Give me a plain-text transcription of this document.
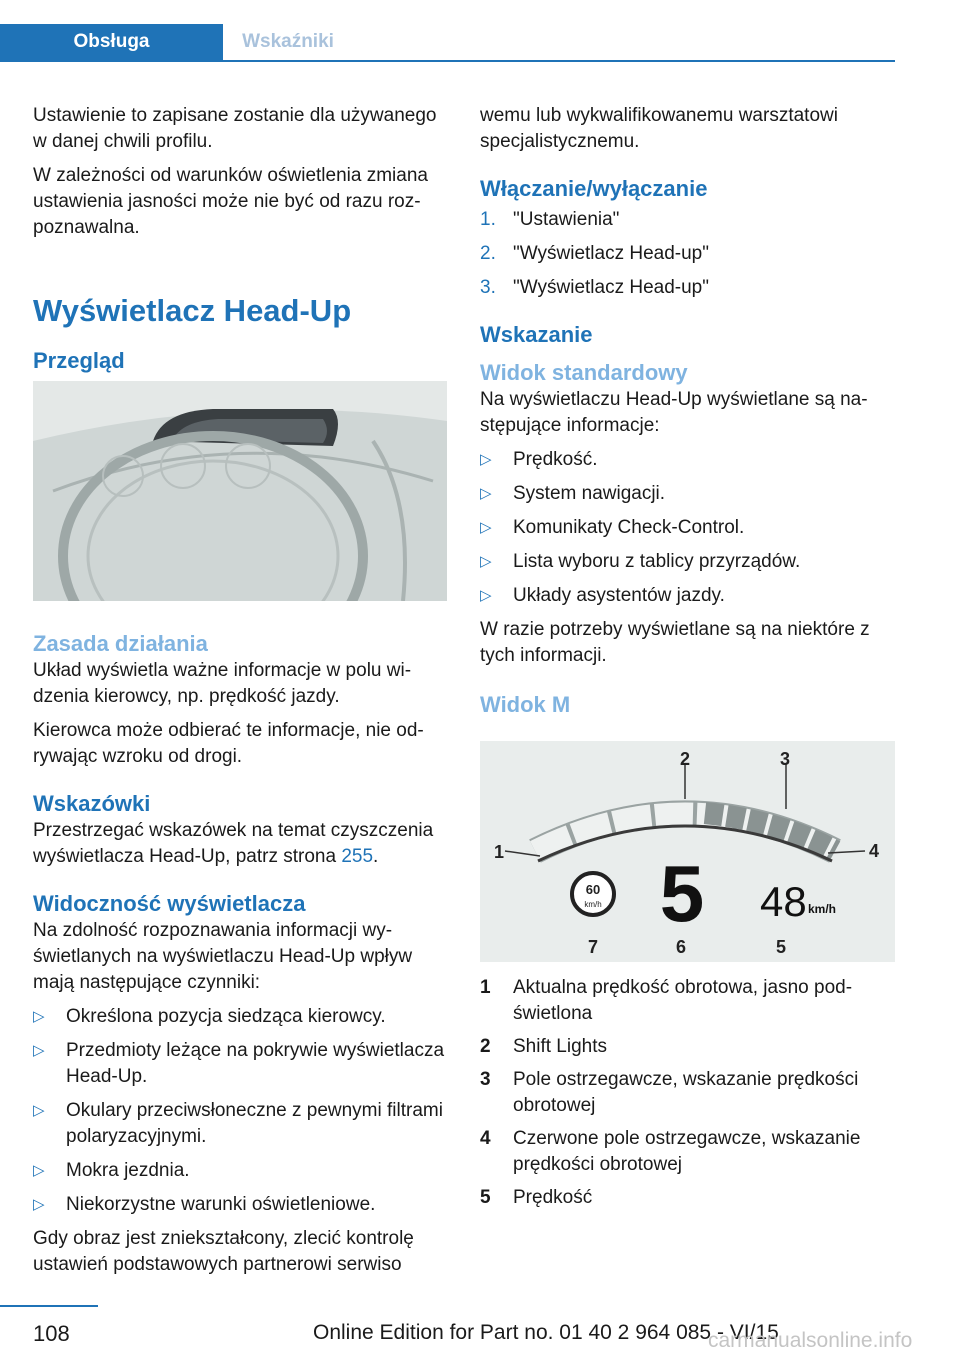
Obsługa	Wskaźniki

Ustawienie to zapisane zostanie dla używanego w danej chwili profilu.

W zależności od warunków oświetlenia zmiana ustawienia jasności może nie być od razu rozpoznawalna.

Wyświetlacz Head-Up
Przegląd
Zasada działania

Układ wyświetla ważne informacje w polu widzenia kierowcy, np. prędkość jazdy.

Kierowca może odbierać te informacje, nie odrywając wzroku od drogi.

Wskazówki

Przestrzegać wskazówek na temat czyszczenia wyświetlacza Head-Up, patrz strona 255.

Widoczność wyświetlacza

Na zdolność rozpoznawania informacji wyświetlanych na wyświetlaczu Head-Up wpływ mają następujące czynniki:

▷ Określona pozycja siedząca kierowcy.
▷ Przedmioty leżące na pokrywie wyświetlacza Head-Up.
▷ Okulary przeciwsłoneczne z pewnymi filtrami polaryzacyjnymi.
▷ Mokra jezdnia.
▷ Niekorzystne warunki oświetleniowe.

Gdy obraz jest zniekształcony, zlecić kontrolę ustawień podstawowych partnerowi serwiso

wemu lub wykwalifikowanemu warsztatowi specjalistycznemu.

Włączanie/wyłączanie
1. "Ustawienia"
2. "Wyświetlacz Head-up"
3. "Wyświetlacz Head-up"
Wskazanie
Widok standardowy

Na wyświetlaczu Head-Up wyświetlane są następujące informacje:

▷ Prędkość.
▷ System nawigacji.
▷ Komunikaty Check-Control.
▷ Lista wyboru z tablicy przyrządów.
▷ Układy asystentów jazdy.

W razie potrzeby wyświetlane są na niektóre z tych informacji.

Widok M
1
2	3
4
5
6
7
60
km/h 5 48 km/h
1 Aktualna prędkość obrotowa, jasno podświetlona
2 Shift Lights
3 Pole ostrzegawcze, wskazanie prędkości obrotowej
4 Czerwone pole ostrzegawcze, wskazanie prędkości obrotowej
5 Prędkość
108	Online Edition for Part no. 01 40 2 964 085 - VI/15
carmanualsonline.info
